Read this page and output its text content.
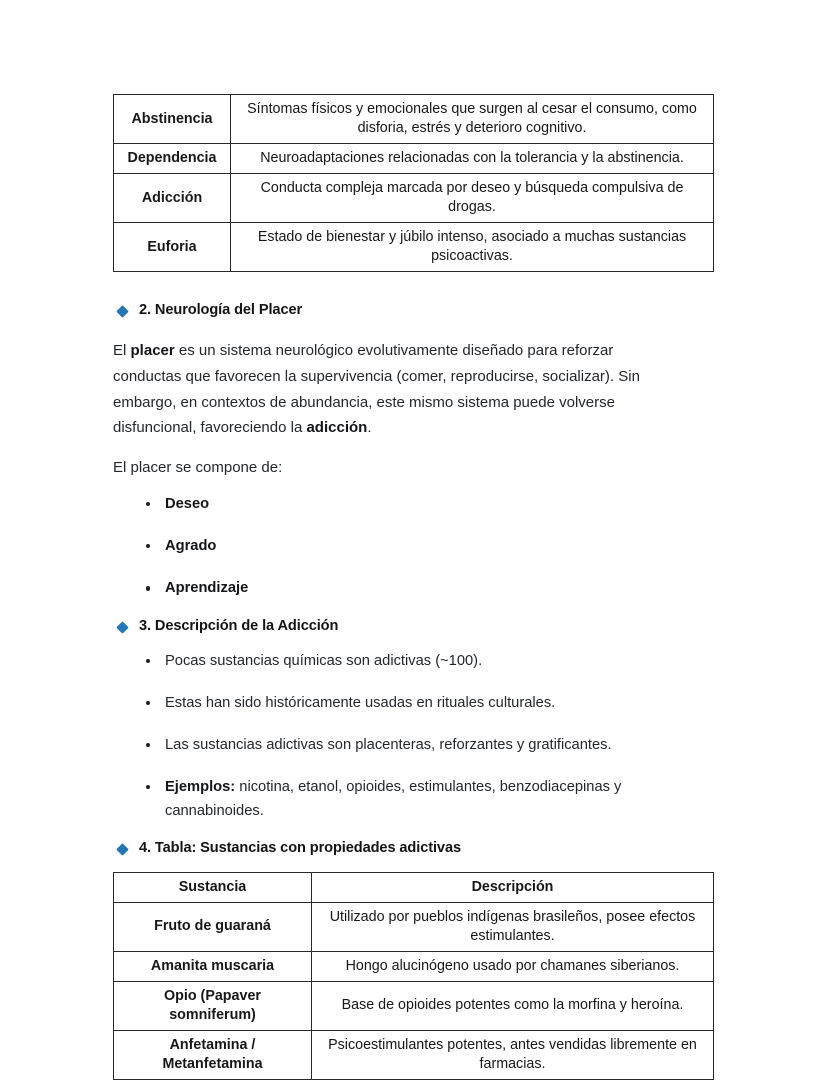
Abstinencia	Síntomas físicos y emocionales que surgen al cesar el consumo, como disforia, estrés y deterioro cognitivo.
Dependencia	Neuroadaptaciones relacionadas con la tolerancia y la abstinencia.
Adicción	Conducta compleja marcada por deseo y búsqueda compulsiva de drogas.
Euforia	Estado de bienestar y júbilo intenso, asociado a muchas sustancias psicoactivas.
2. Neurología del Placer

El placer es un sistema neurológico evolutivamente diseñado para reforzar conductas que favorecen la supervivencia (comer, reproducirse, socializar). Sin embargo, en contextos de abundancia, este mismo sistema puede volverse disfuncional, favoreciendo la adicción.

El placer se compone de:

Deseo
Agrado
Aprendizaje
3. Descripción de la Adicción
Pocas sustancias químicas son adictivas (~100).
Estas han sido históricamente usadas en rituales culturales.
Las sustancias adictivas son placenteras, reforzantes y gratificantes.
Ejemplos: nicotina, etanol, opioides, estimulantes, benzodiacepinas y cannabinoides.
4. Tabla: Sustancias con propiedades adictivas
Sustancia	Descripción
Fruto de guaraná	Utilizado por pueblos indígenas brasileños, posee efectos estimulantes.
Amanita muscaria	Hongo alucinógeno usado por chamanes siberianos.
Opio (Papaver somniferum)	Base de opioides potentes como la morfina y heroína.
Anfetamina / Metanfetamina	Psicoestimulantes potentes, antes vendidas libremente en farmacias.
